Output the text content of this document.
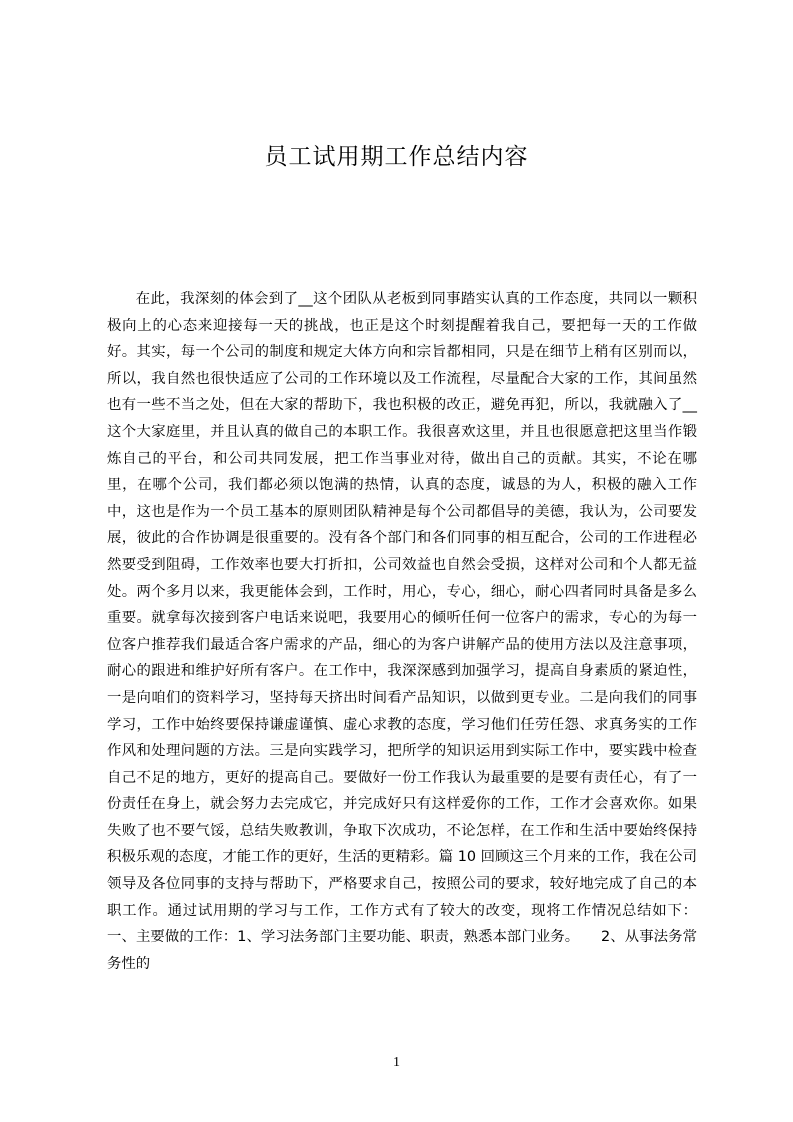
员工试用期工作总结内容

在此，我深刻的体会到了__这个团队从老板到同事踏实认真的工作态度，共同以一颗积极向上的心态来迎接每一天的挑战，也正是这个时刻提醒着我自己，要把每一天的工作做好。其实，每一个公司的制度和规定大体方向和宗旨都相同，只是在细节上稍有区别而以，所以，我自然也很快适应了公司的工作环境以及工作流程，尽量配合大家的工作，其间虽然也有一些不当之处，但在大家的帮助下，我也积极的改正，避免再犯，所以，我就融入了__这个大家庭里，并且认真的做自己的本职工作。我很喜欢这里，并且也很愿意把这里当作锻炼自己的平台，和公司共同发展，把工作当事业对待，做出自己的贡献。其实，不论在哪里，在哪个公司，我们都必须以饱满的热情，认真的态度，诚恳的为人，积极的融入工作中，这也是作为一个员工基本的原则团队精神是每个公司都倡导的美德，我认为，公司要发展，彼此的合作协调是很重要的。没有各个部门和各们同事的相互配合，公司的工作进程必然要受到阻碍，工作效率也要大打折扣，公司效益也自然会受损，这样对公司和个人都无益处。两个多月以来，我更能体会到，工作时，用心，专心，细心，耐心四者同时具备是多么重要。就拿每次接到客户电话来说吧，我要用心的倾听任何一位客户的需求，专心的为每一位客户推荐我们最适合客户需求的产品，细心的为客户讲解产品的使用方法以及注意事项，耐心的跟进和维护好所有客户。在工作中，我深深感到加强学习，提高自身素质的紧迫性，一是向咱们的资料学习，坚持每天挤出时间看产品知识，以做到更专业。二是向我们的同事学习，工作中始终要保持谦虚谨慎、虚心求教的态度，学习他们任劳任怨、求真务实的工作作风和处理问题的方法。三是向实践学习，把所学的知识运用到实际工作中，要实践中检查自己不足的地方，更好的提高自己。要做好一份工作我认为最重要的是要有责任心，有了一份责任在身上，就会努力去完成它，并完成好只有这样爱你的工作，工作才会喜欢你。如果失败了也不要气馁，总结失败教训，争取下次成功，不论怎样，在工作和生活中要始终保持积极乐观的态度，才能工作的更好，生活的更精彩。篇 10 回顾这三个月来的工作，我在公司领导及各位同事的支持与帮助下，严格要求自己，按照公司的要求，较好地完成了自己的本职工作。通过试用期的学习与工作，工作方式有了较大的改变，现将工作情况总结如下：一、主要做的工作：1、学习法务部门主要功能、职责，熟悉本部门业务。　　2、从事法务常务性的

1
